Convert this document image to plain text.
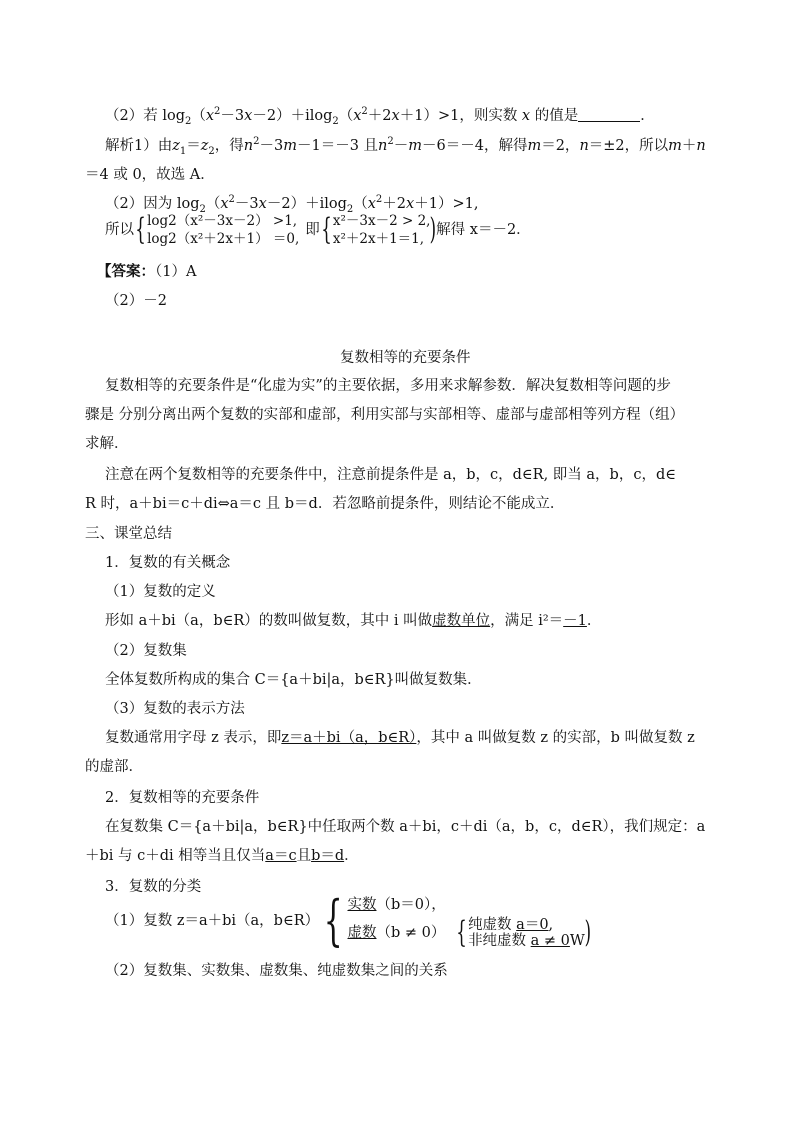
（2）若 $\log_2(x^2-3x-2)+ilog_2(x^2+2x+1)>1$，则实数 x 的值是	．
解析1）由$z_1=z_2$，得$n^2-3m-1=-3$ 且$n^2-m-6=-4$，解得m＝2，n＝±2，所以m＋n
＝4 或 0，故选 A．
（2）因为 $\log_2(x^2-3x-2)+ilog_2(x^2+2x+1)>1$,
所以{ log2（x²－3x－2） >1,
log2（x²＋2x＋1） ＝0,
即{ x²－3x－2 > 2,
x²＋2x＋1＝1, )解得 x＝－2．
【答案：（1）A
（2）－2
复数相等的充要条件
复数相等的充要条件是“化虚为实”的主要依据，多用来求解参数．解决复数相等问题的步
骤是 分别分离出两个复数的实部和虚部，利用实部与实部相等、虚部与虚部相等列方程（组）
求解．
注意在两个复数相等的充要条件中，注意前提条件是 a，b，c，d∈R, 即当 a，b，c，d∈
R 时，a＋bi＝c＋di⇔a＝c 且 b＝d．若忽略前提条件，则结论不能成立．
三、课堂总结
1．复数的有关概念
（1）复数的定义
形如 a＋bi（a，b∈R）的数叫做复数，其中 i 叫做虚数单位，满足 i²＝－1．
（2）复数集
全体复数所构成的集合 C＝{a＋bi|a，b∈R}叫做复数集．
（3）复数的表示方法
复数通常用字母 z 表示，即z＝a＋bi（a，b∈R），其中 a 叫做复数 z 的实部，b 叫做复数 z
的虚部．
2．复数相等的充要条件
在复数集 C＝{a＋bi|a，b∈R}中任取两个数 a＋bi，c＋di（a，b，c，d∈R），我们规定：a
＋bi 与 c＋di 相等当且仅当a＝c且b＝d．
3．复数的分类
（1）复数 z＝a＋bi（a，b∈R）{ 实数（b＝0），
虚数（b ≠ 0） { 纯虚数 a＝0,
非纯虚数 a ≠ 0W )
（2）复数集、实数集、虚数集、纯虚数集之间的关系
